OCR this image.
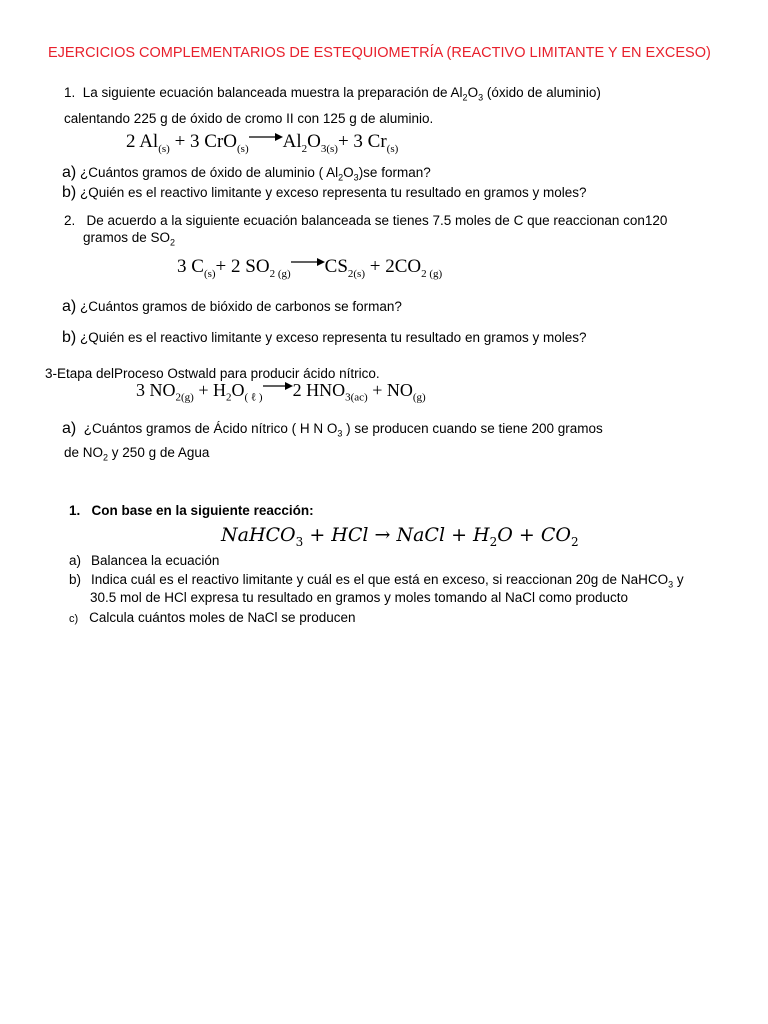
EJERCICIOS COMPLEMENTARIOS DE ESTEQUIOMETRÍA (REACTIVO LIMITANTE Y EN EXCESO)
1. La siguiente ecuación balanceada muestra la preparación de $Al_2O_3$ (óxido de aluminio)
calentando 225 g de óxido de cromo II con 125 g de aluminio.
2 $Al_{(s)} + 3$ $CrO_{(s)} \to Al_2O_{3(s)}+ 3$ $Cr_{(s)}$
a) ¿Cuántos gramos de óxido de aluminio ( $Al_2O_3)se$ forman?
b) ¿Quién es el reactivo limitante y exceso representa tu resultado en gramos y moles?
2. De acuerdo a la siguiente ecuación balanceada se tienes 7.5 moles de C que reaccionan con120
gramos de $SO_2$
3 $C_{(s)}+ 2$ $SO_{2 (g)} \to CS_{2(s)} + 2CO_{2 (g)}$
a) ¿Cuántos gramos de bióxido de carbonos se forman?
b) ¿Quién es el reactivo limitante y exceso representa tu resultado en gramos y moles?
3-Etapa delProceso Ostwald para producir ácido nítrico.
3 $NO_{2(g)} + H_2O_{( \ell )} \to 2$ $HNO_{3(ac)} + NO_{(g)}$
a) ¿Cuántos gramos de Ácido nítrico ( H N $O_3$ ) se producen cuando se tiene 200 gramos
de $NO_2$ y 250 g de Agua
1. Con base en la siguiente reacción:
NaHCO$_3$ + HCl → NaCl + $H_2O + CO_2$
a) Balancea la ecuación
b) Indica cuál es el reactivo limitante y cuál es el que está en exceso, si reaccionan 20g de NaHCO$_3$ y
30.5 mol de HCl expresa tu resultado en gramos y moles tomando al NaCl como producto
c) Calcula cuántos moles de NaCl se producen
